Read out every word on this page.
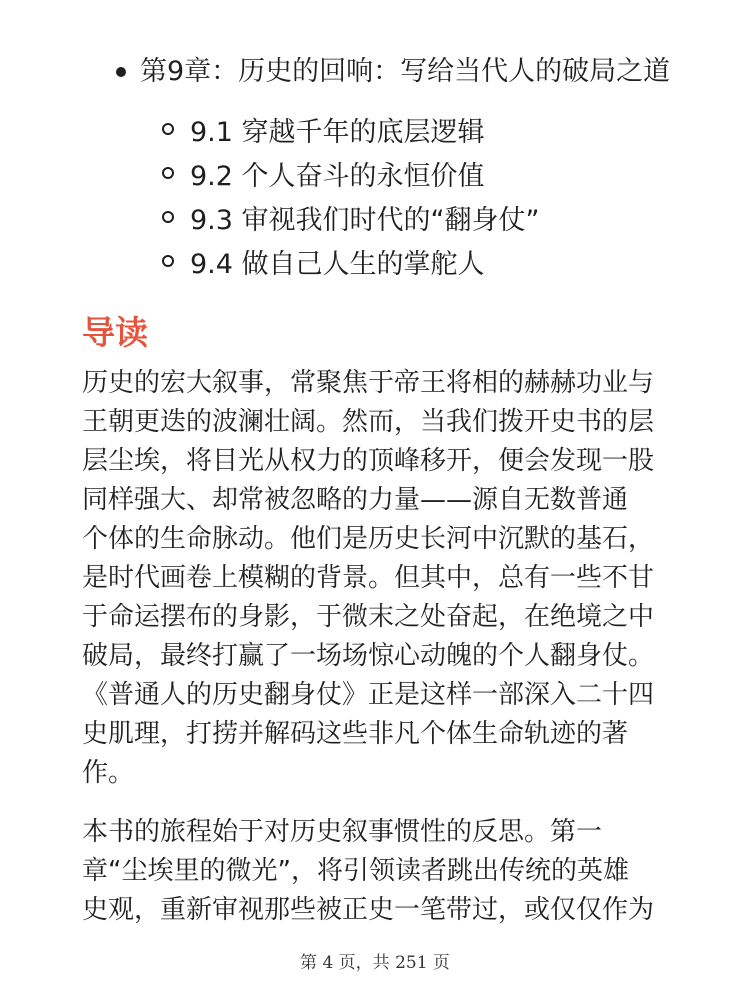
第9章：历史的回响：写给当代人的破局之道
9.1 穿越千年的底层逻辑
9.2 个人奋斗的永恒价值
9.3 审视我们时代的“翻身仗”
9.4 做自己人生的掌舵人
导读
历史的宏大叙事，常聚焦于帝王将相的赫赫功业与
王朝更迭的波澜壮阔。然而，当我们拨开史书的层
层尘埃，将目光从权力的顶峰移开，便会发现一股
同样强大、却常被忽略的力量——源自无数普通
个体的生命脉动。他们是历史长河中沉默的基石，
是时代画卷上模糊的背景。但其中，总有一些不甘
于命运摆布的身影，于微末之处奋起，在绝境之中
破局，最终打赢了一场场惊心动魄的个人翻身仗。
《普通人的历史翻身仗》正是这样一部深入二十四
史肌理，打捞并解码这些非凡个体生命轨迹的著
作。
本书的旅程始于对历史叙事惯性的反思。第一
章“尘埃里的微光”，将引领读者跳出传统的英雄
史观，重新审视那些被正史一笔带过，或仅仅作为
第 4 页，共 251 页
